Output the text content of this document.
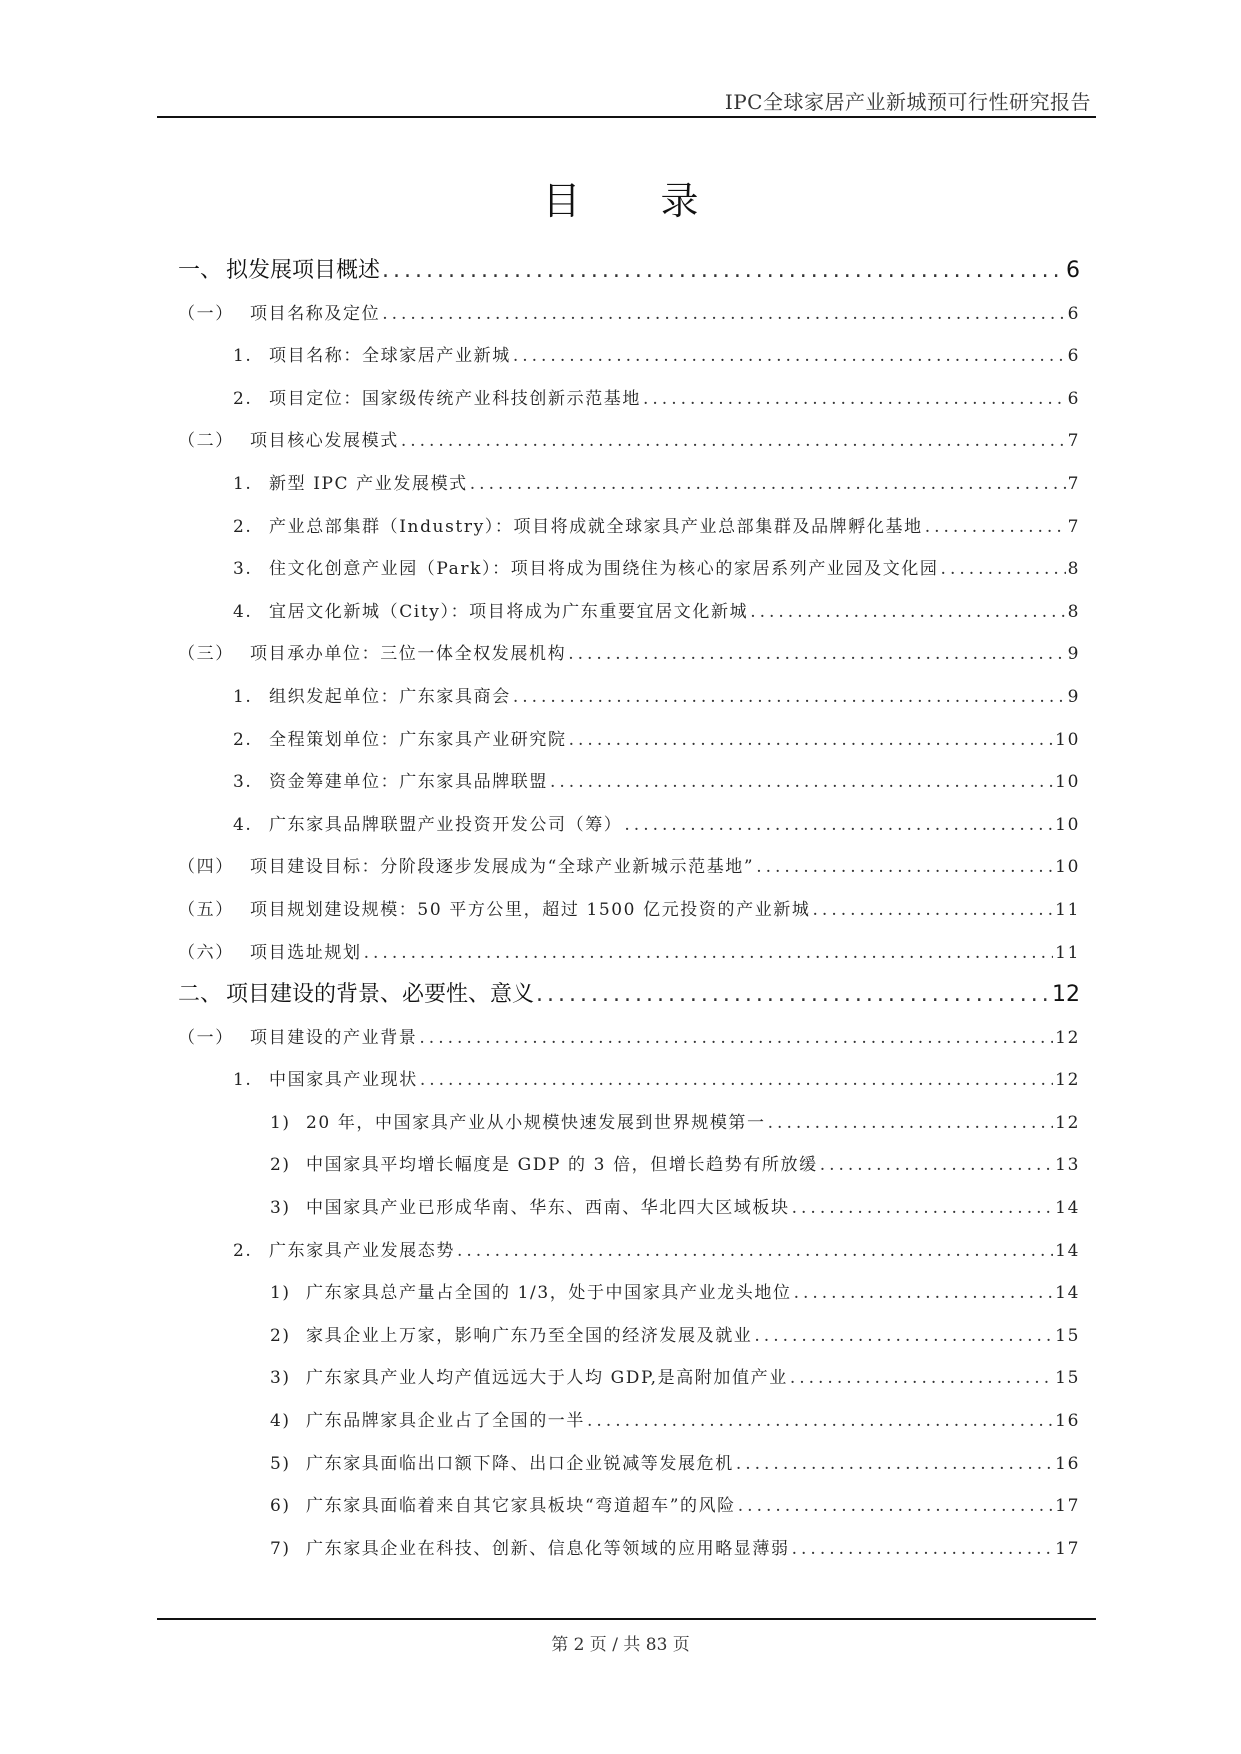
IPC全球家居产业新城预可行性研究报告
目录
一、 拟发展项目概述 .....	6
（一） 项目名称及定位 .....	6
1. 项目名称：全球家居产业新城 .....	6
2. 项目定位：国家级传统产业科技创新示范基地 .....	6
（二） 项目核心发展模式 .....	7
1. 新型 IPC 产业发展模式 .....	7
2. 产业总部集群（Industry）：项目将成就全球家具产业总部集群及品牌孵化基地 .....	7
3. 住文化创意产业园（Park）：项目将成为围绕住为核心的家居系列产业园及文化园 .....	8
4. 宜居文化新城（City）：项目将成为广东重要宜居文化新城 .....	8
（三） 项目承办单位：三位一体全权发展机构 .....	9
1. 组织发起单位：广东家具商会 .....	9
2. 全程策划单位：广东家具产业研究院 .....	10
3. 资金筹建单位：广东家具品牌联盟 .....	10
4. 广东家具品牌联盟产业投资开发公司（筹） .....	10
（四） 项目建设目标：分阶段逐步发展成为“全球产业新城示范基地” .....	10
（五） 项目规划建设规模：50 平方公里，超过 1500 亿元投资的产业新城 .....	11
（六） 项目选址规划 .....	11
二、 项目建设的背景、必要性、意义 .....	12
（一） 项目建设的产业背景 .....	12
1. 中国家具产业现状 .....	12
1) 20 年，中国家具产业从小规模快速发展到世界规模第一 .....	12
2) 中国家具平均增长幅度是 GDP 的 3 倍，但增长趋势有所放缓 .....	13
3) 中国家具产业已形成华南、华东、西南、华北四大区域板块 .....	14
2. 广东家具产业发展态势 .....	14
1) 广东家具总产量占全国的 1/3，处于中国家具产业龙头地位 .....	14
2) 家具企业上万家，影响广东乃至全国的经济发展及就业 .....	15
3) 广东家具产业人均产值远远大于人均 GDP,是高附加值产业 .....	15
4) 广东品牌家具企业占了全国的一半 .....	16
5) 广东家具面临出口额下降、出口企业锐减等发展危机 .....	16
6) 广东家具面临着来自其它家具板块“弯道超车”的风险 .....	17
7) 广东家具企业在科技、创新、信息化等领域的应用略显薄弱 .....	17
第 2 页 / 共 83 页
